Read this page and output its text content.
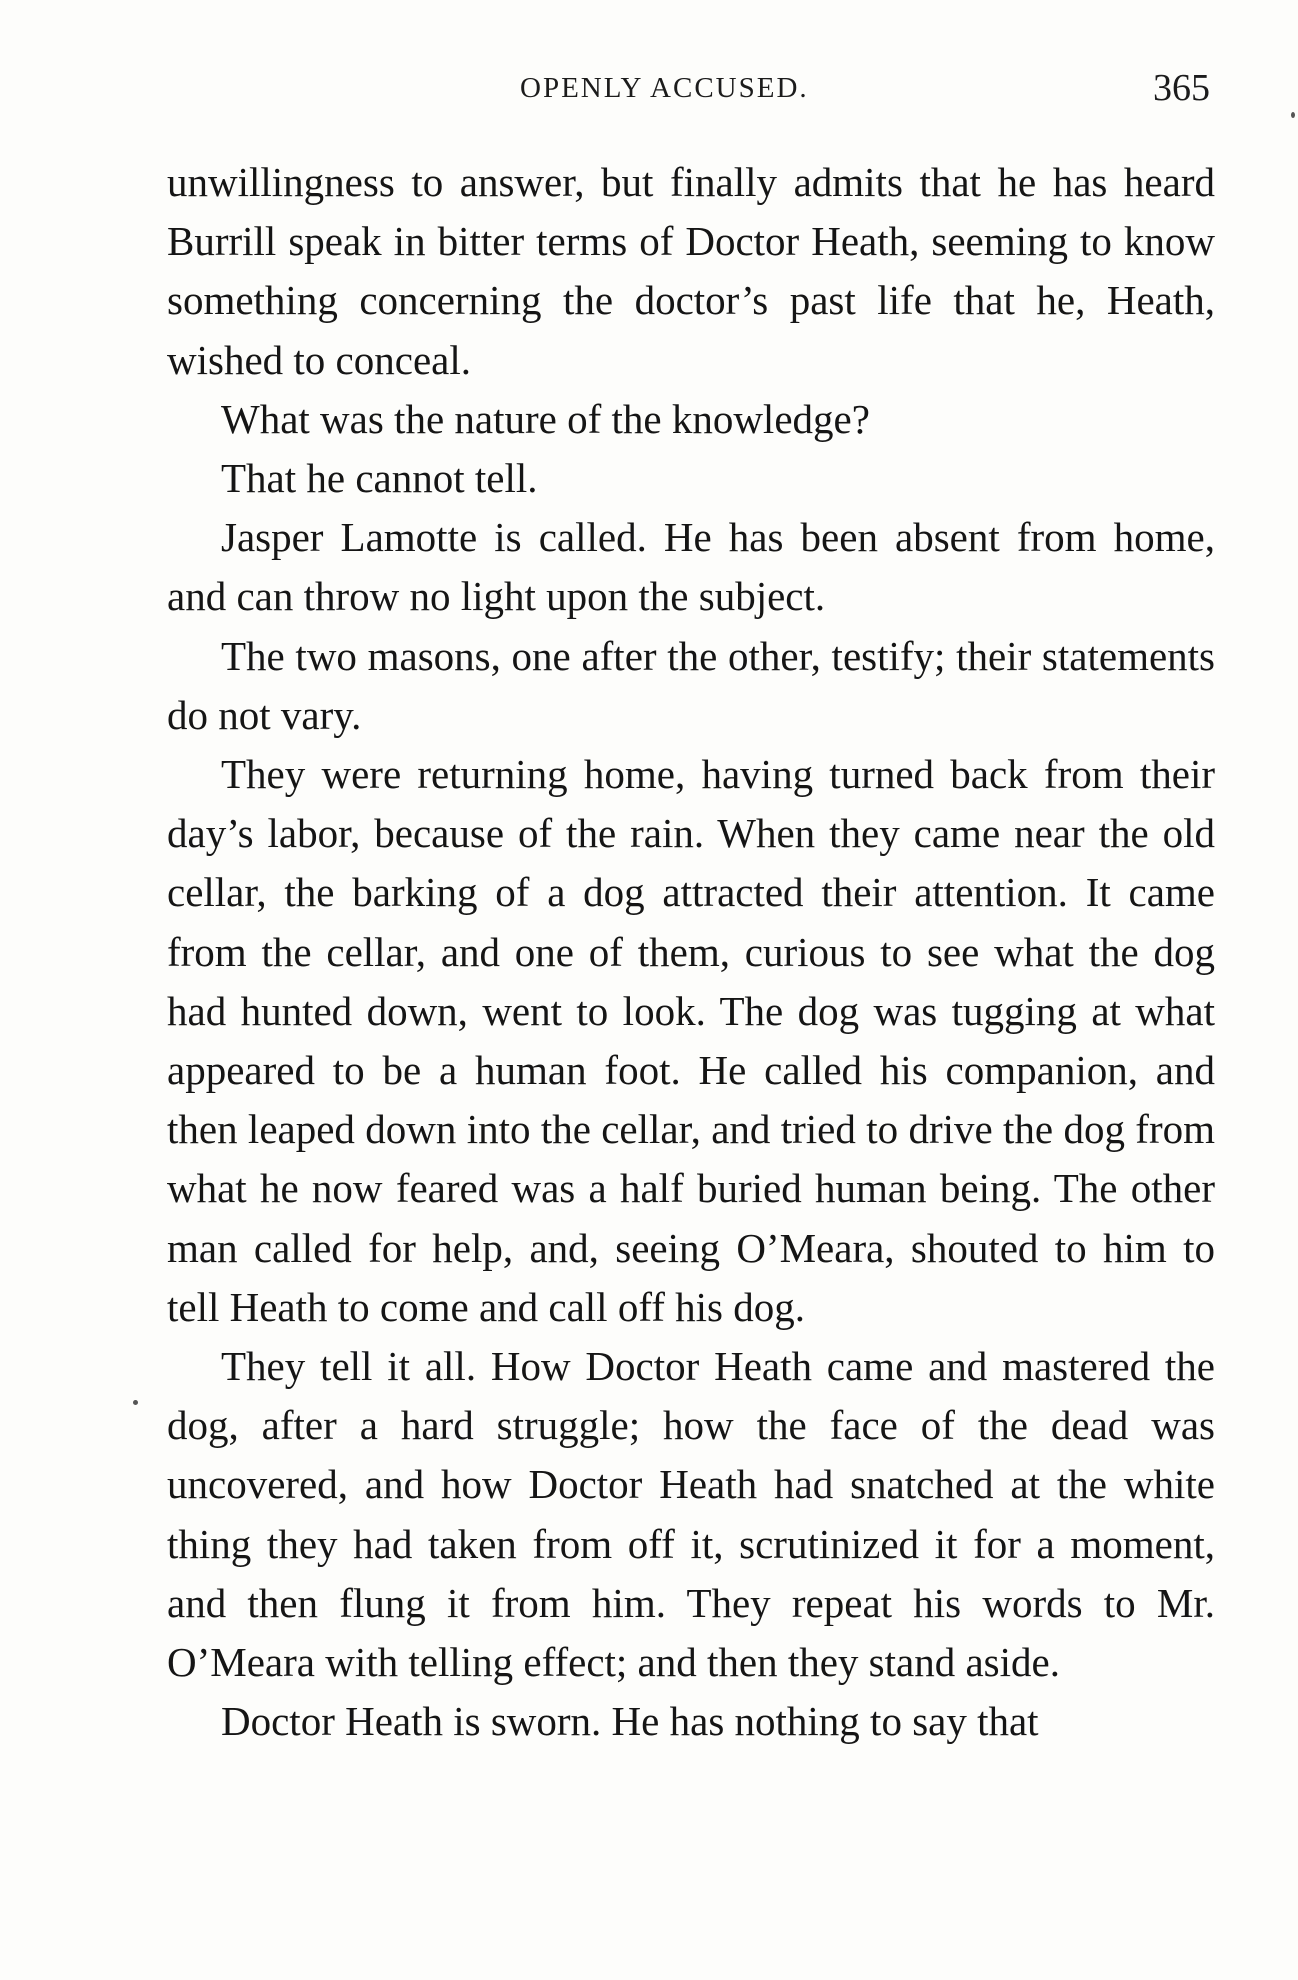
OPENLY ACCUSED.	365

unwillingness to answer, but finally admits that he has heard Burrill speak in bitter terms of Doctor Heath, seeming to know something concerning the doctor’s past life that he, Heath, wished to conceal.

What was the nature of the knowledge?

That he cannot tell.

Jasper Lamotte is called. He has been absent from home, and can throw no light upon the subject.

The two masons, one after the other, testify; their statements do not vary.

They were returning home, having turned back from their day’s labor, because of the rain. When they came near the old cellar, the barking of a dog attracted their attention. It came from the cellar, and one of them, curious to see what the dog had hunted down, went to look. The dog was tugging at what appeared to be a human foot. He called his companion, and then leaped down into the cellar, and tried to drive the dog from what he now feared was a half buried human being. The other man called for help, and, seeing O’Meara, shouted to him to tell Heath to come and call off his dog.

They tell it all. How Doctor Heath came and mastered the dog, after a hard struggle; how the face of the dead was uncovered, and how Doctor Heath had snatched at the white thing they had taken from off it, scrutinized it for a moment, and then flung it from him. They repeat his words to Mr. O’Meara with telling effect; and then they stand aside.

Doctor Heath is sworn. He has nothing to say that
